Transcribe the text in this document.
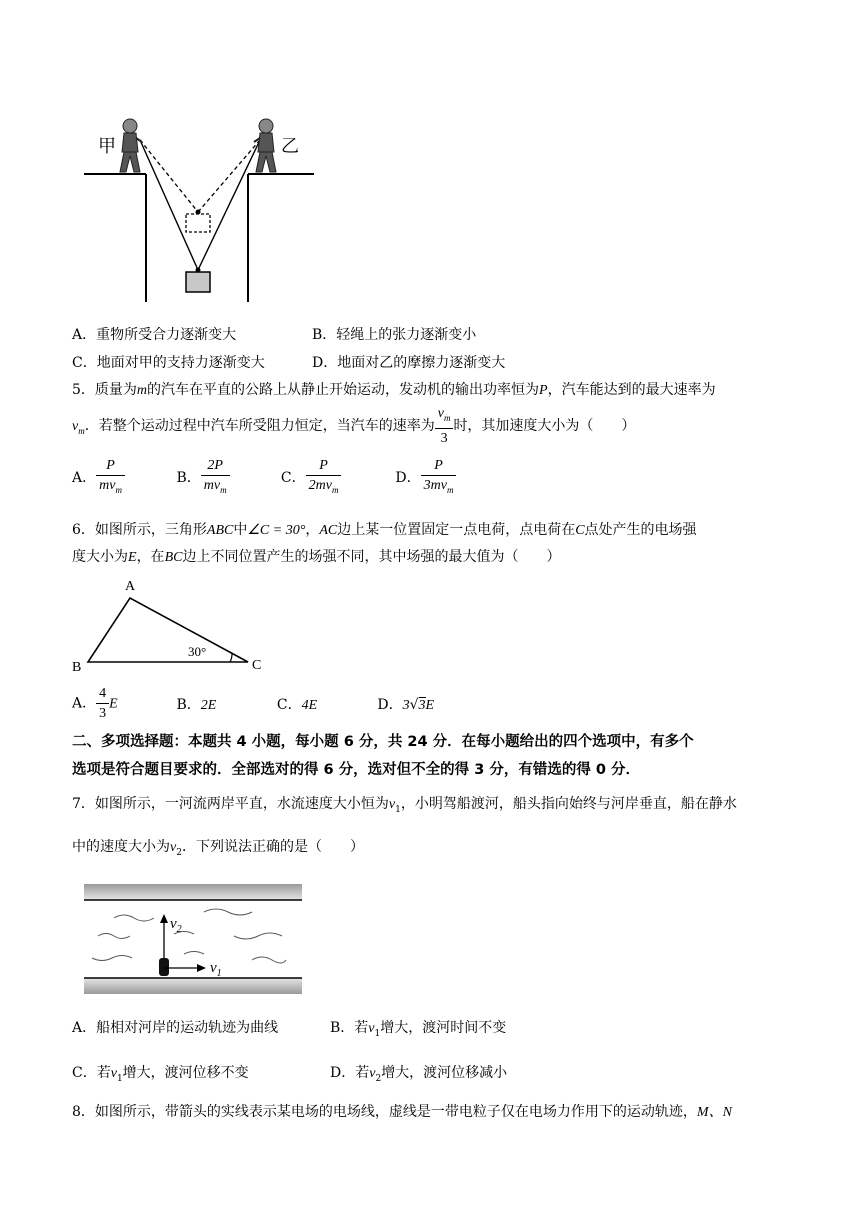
甲	乙
A．重物所受合力逐渐变大	B．轻绳上的张力逐渐变小
C．地面对甲的支持力逐渐变大	D．地面对乙的摩擦力逐渐变大
5．质量为m的汽车在平直的公路上从静止开始运动，发动机的输出功率恒为P，汽车能达到的最大速率为
$v_m$．若整个运动过程中汽车所受阻力恒定，当汽车的速率为 $\frac{v_m}{3}$ 时，其加速度大小为（　　）
A． $\frac{P}{mv_m}$	B． $\frac{2P}{mv_m}$	C． $\frac{P}{2mv_m}$	D． $\frac{P}{3mv_m}$
6．如图所示，三角形ABC中∠C = 30°，AC边上某一位置固定一点电荷，点电荷在C点处产生的电场强
度大小为E，在BC边上不同位置产生的场强不同，其中场强的最大值为（　　）
A
B	C
30°
A． $\frac{4}{3}$ E	B．2E	C．4E	D．3√3E
二、多项选择题：本题共 4 小题，每小题 6 分，共 24 分．在每小题给出的四个选项中，有多个
选项是符合题目要求的．全部选对的得 6 分，选对但不全的得 3 分，有错选的得 0 分．
7．如图所示，一河流两岸平直，水流速度大小恒为$v_1$，小明驾船渡河，船头指向始终与河岸垂直，船在静水
中的速度大小为$v_2$．下列说法正确的是（　　）
$v_2$
$v_1$
A．船相对河岸的运动轨迹为曲线	B．若$v_1$增大，渡河时间不变
C．若$v_1$增大，渡河位移不变	D．若$v_2$增大，渡河位移减小
8．如图所示，带箭头的实线表示某电场的电场线，虚线是一带电粒子仅在电场力作用下的运动轨迹，M、N
